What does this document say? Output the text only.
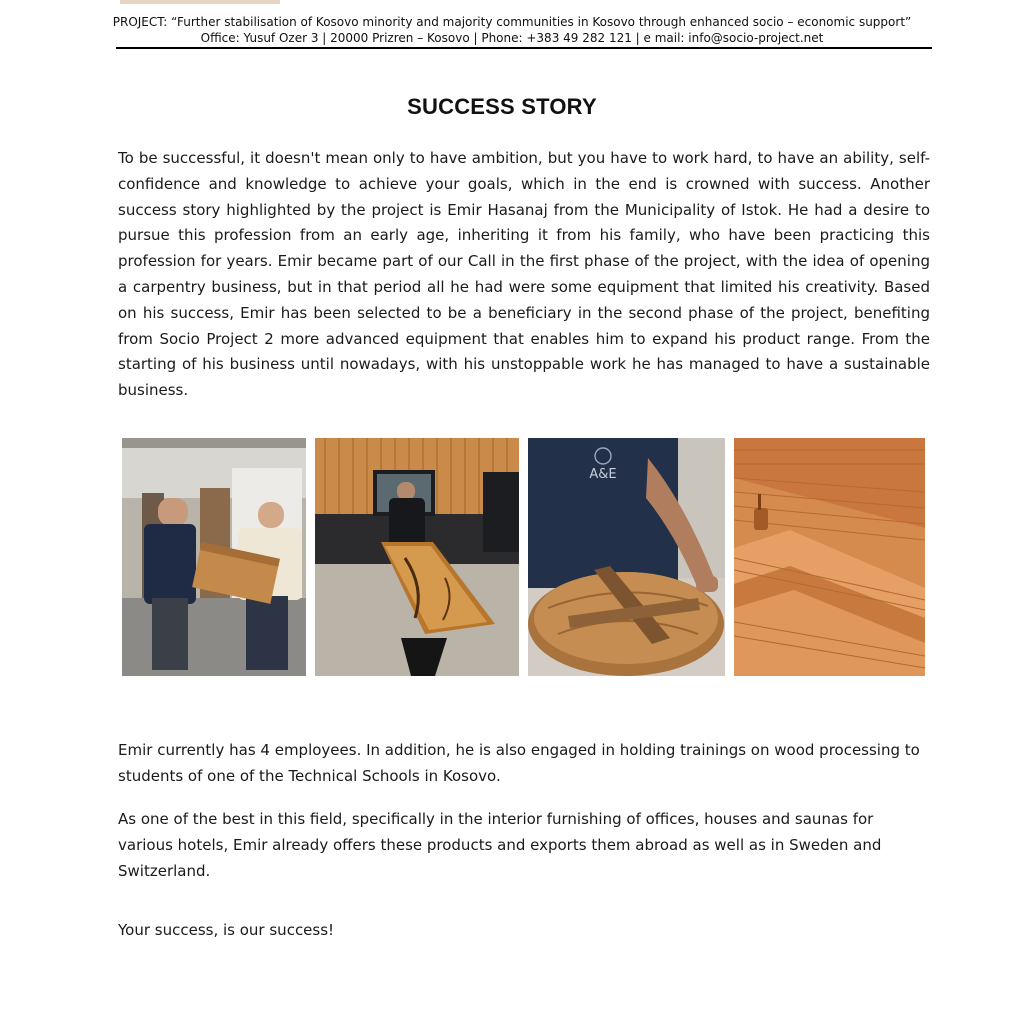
PROJECT: “Further stabilisation of Kosovo minority and majority communities in Kosovo through enhanced socio – economic support”
Office: Yusuf Ozer 3 | 20000 Prizren – Kosovo | Phone: +383 49 282 121 | e mail: info@socio-project.net
SUCCESS STORY
To be successful, it doesn't mean only to have ambition, but you have to work hard, to have an ability, self-confidence and knowledge to achieve your goals, which in the end is crowned with success. Another success story highlighted by the project is Emir Hasanaj from the Municipality of Istok. He had a desire to pursue this profession from an early age, inheriting it from his family, who have been practicing this profession for years. Emir became part of our Call in the first phase of the project, with the idea of opening a carpentry business, but in that period all he had were some equipment that limited his creativity. Based on his success, Emir has been selected to be a beneficiary in the second phase of the project, benefiting from Socio Project 2 more advanced equipment that enables him to expand his product range. From the starting of his business until nowadays, with his unstoppable work he has managed to have a sustainable business.
A&E
Emir currently has 4 employees. In addition, he is also engaged in holding trainings on wood processing to students of one of the Technical Schools in Kosovo.
As one of the best in this field, specifically in the interior furnishing of offices, houses and saunas for various hotels, Emir already offers these products and exports them abroad as well as in Sweden and Switzerland.
Your success, is our success!
